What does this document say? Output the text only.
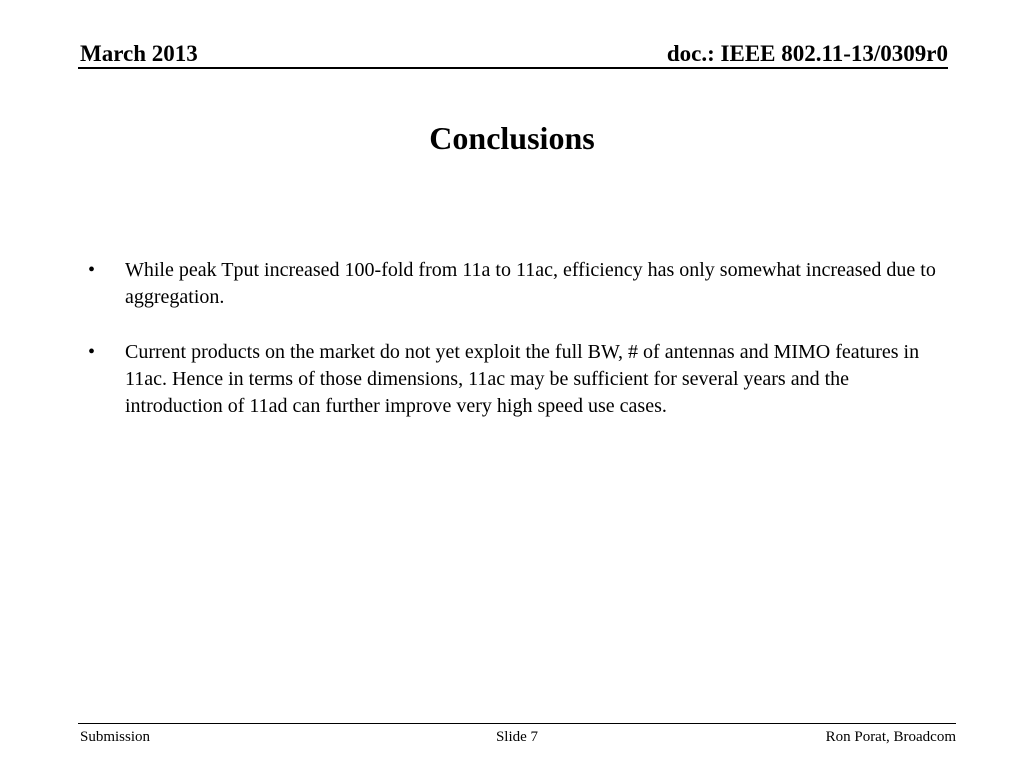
March 2013	doc.: IEEE 802.11-13/0309r0
Conclusions
• While peak Tput increased 100-fold from 11a to 11ac, efficiency has only somewhat increased due to aggregation.
• Current products on the market do not yet exploit the full BW, # of antennas and MIMO features in 11ac. Hence in terms of those dimensions, 11ac may be sufficient for several years and the introduction of 11ad can further improve very high speed use cases.
Submission	Slide 7	Ron Porat, Broadcom
